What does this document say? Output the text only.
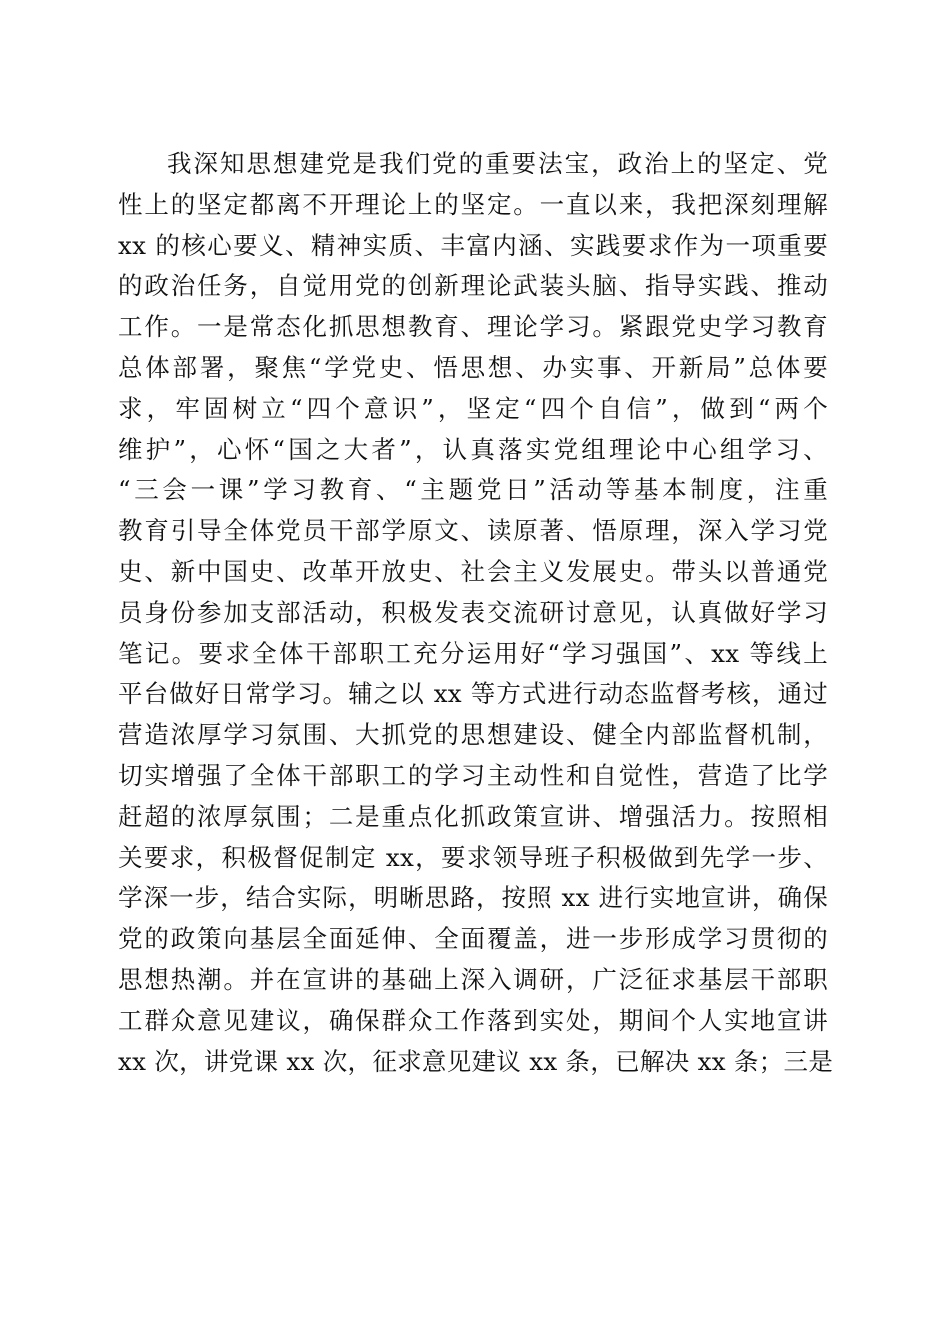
我深知思想建党是我们党的重要法宝，政治上的坚定、党
性上的坚定都离不开理论上的坚定。一直以来，我把深刻理解
xx 的核心要义、精神实质、丰富内涵、实践要求作为一项重要
的政治任务，自觉用党的创新理论武装头脑、指导实践、推动
工作。一是常态化抓思想教育、理论学习。紧跟党史学习教育
总体部署，聚焦“学党史、悟思想、办实事、开新局”总体要
求，牢固树立“四个意识”，坚定“四个自信”，做到“两个
维护”，心怀“国之大者”，认真落实党组理论中心组学习、
“三会一课”学习教育、“主题党日”活动等基本制度，注重
教育引导全体党员干部学原文、读原著、悟原理，深入学习党
史、新中国史、改革开放史、社会主义发展史。带头以普通党
员身份参加支部活动，积极发表交流研讨意见，认真做好学习
笔记。要求全体干部职工充分运用好“学习强国”、xx 等线上
平台做好日常学习。辅之以 xx 等方式进行动态监督考核，通过
营造浓厚学习氛围、大抓党的思想建设、健全内部监督机制，
切实增强了全体干部职工的学习主动性和自觉性，营造了比学
赶超的浓厚氛围；二是重点化抓政策宣讲、增强活力。按照相
关要求，积极督促制定 xx，要求领导班子积极做到先学一步、
学深一步，结合实际，明晰思路，按照 xx 进行实地宣讲，确保
党的政策向基层全面延伸、全面覆盖，进一步形成学习贯彻的
思想热潮。并在宣讲的基础上深入调研，广泛征求基层干部职
工群众意见建议，确保群众工作落到实处，期间个人实地宣讲
xx 次，讲党课 xx 次，征求意见建议 xx 条，已解决 xx 条；三是
